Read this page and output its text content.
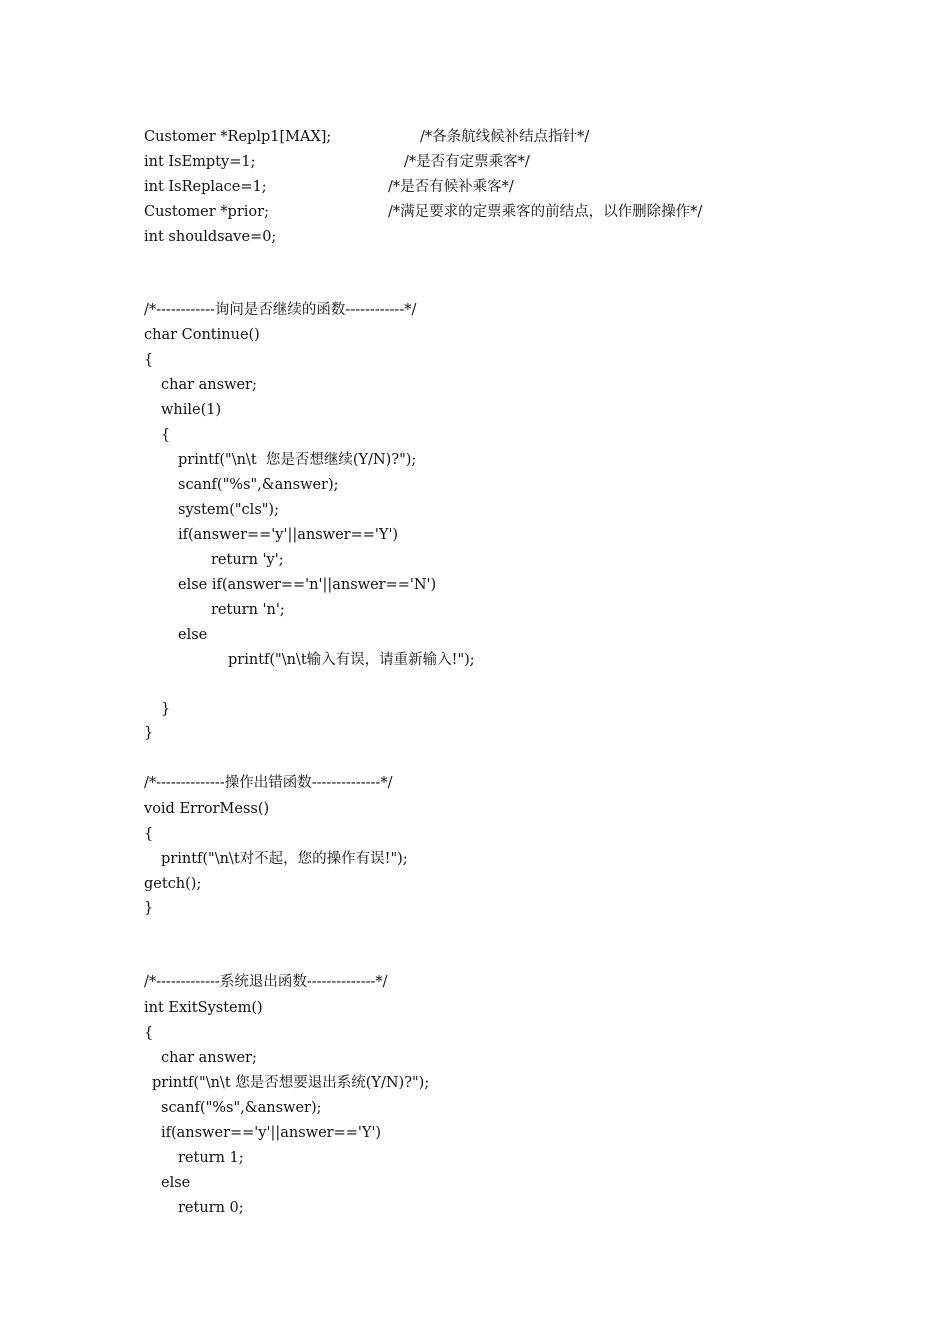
Customer *Replp1[MAX];

	/*各条航线候补结点指针*/

int IsEmpty=1;

	/*是否有定票乘客*/

int IsReplace=1;

	/*是否有候补乘客*/

Customer *prior;

	/*满足要求的定票乘客的前结点，以作删除操作*/

int shouldsave=0;

/*------------询问是否继续的函数------------*/

char Continue()

{

char answer;

while(1)

{

printf("\n\t  您是否想继续(Y/N)?");

scanf("%s",&answer);

system("cls");

if(answer=='y'||answer=='Y')

return 'y';

else if(answer=='n'||answer=='N')

return 'n';

else

printf("\n\t输入有误，请重新输入!");

}

}

/*--------------操作出错函数--------------*/

void ErrorMess()

{

printf("\n\t对不起，您的操作有误!");

getch();

}

/*-------------系统退出函数--------------*/

int ExitSystem()

{

char answer;

printf("\n\t 您是否想要退出系统(Y/N)?");

scanf("%s",&answer);

if(answer=='y'||answer=='Y')

return 1;

else

return 0;
